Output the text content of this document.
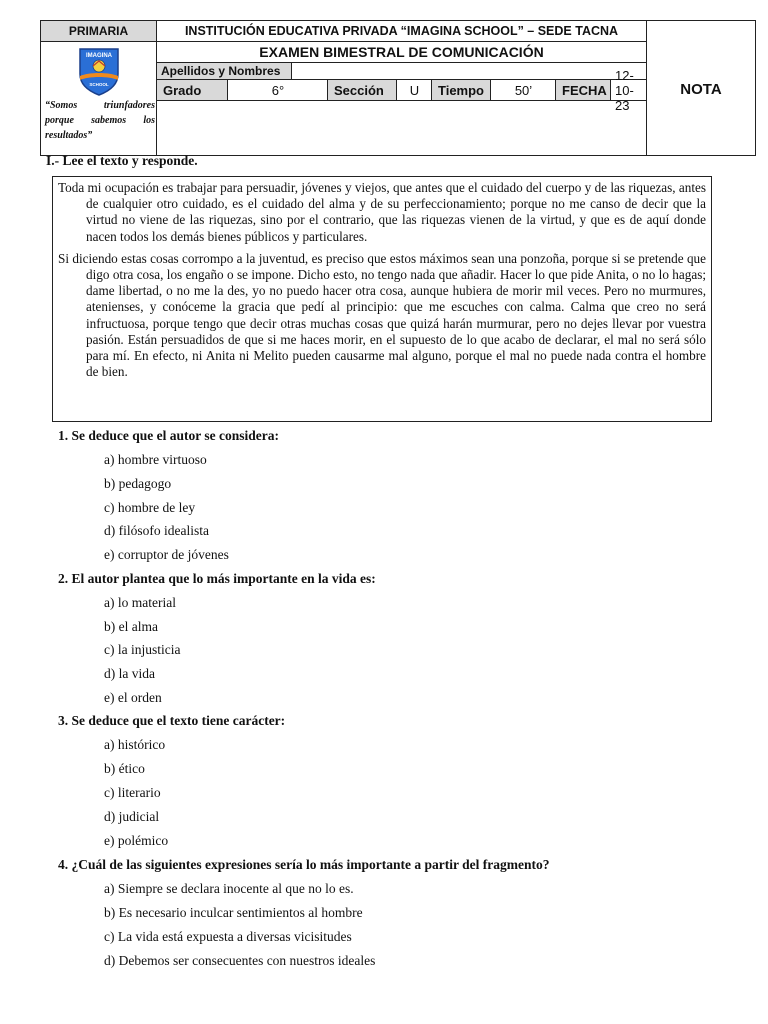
PRIMARIA
IMAGINA
SCHOOL
“Somos triunfadores porque sabemos los resultados”
INSTITUCIÓN EDUCATIVA PRIVADA “IMAGINA SCHOOL” – SEDE TACNA
EXAMEN BIMESTRAL DE COMUNICACIÓN
NOTA
Apellidos y Nombres
Grado	6°	Sección	U	Tiempo	50’	FECHA
12-10-23
I.- Lee el texto y responde.

Toda mi ocupación es trabajar para persuadir, jóvenes y viejos, que antes que el cuidado del cuerpo y de las riquezas, antes de cualquier otro cuidado, es el cuidado del alma y de su perfeccionamiento; porque no me canso de decir que la virtud no viene de las riquezas, sino por el contrario, que las riquezas vienen de la virtud, y que es de aquí donde nacen todos los demás bienes públicos y particulares.

Si diciendo estas cosas corrompo a la juventud, es preciso que estos máximos sean una ponzoña, porque si se pretende que digo otra cosa, los engaño o se impone. Dicho esto, no tengo nada que añadir. Hacer lo que pide Anita, o no lo hagas; dame libertad, o no me la des, yo no puedo hacer otra cosa, aunque hubiera de morir mil veces. Pero no murmures, atenienses, y conóceme la gracia que pedí al principio: que me escuches con calma. Calma que creo no será infructuosa, porque tengo que decir otras muchas cosas que quizá harán murmurar, pero no dejes llevar por vuestra pasión. Están persuadidos de que si me haces morir, en el supuesto de lo que acabo de declarar, el mal no será sólo para mí. En efecto, ni Anita ni Melito pueden causarme mal alguno, porque el mal no puede nada contra el hombre de bien.

1. Se deduce que el autor se considera:
a) hombre virtuoso
b) pedagogo
c) hombre de ley
d) filósofo idealista
e) corruptor de jóvenes
2. El autor plantea que lo más importante en la vida es:
a) lo material
b) el alma
c) la injusticia
d) la vida
e) el orden
3. Se deduce que el texto tiene carácter:
a) histórico
b) ético
c) literario
d) judicial
e) polémico
4. ¿Cuál de las siguientes expresiones sería lo más importante a partir del fragmento?
a) Siempre se declara inocente al que no lo es.
b) Es necesario inculcar sentimientos al hombre
c) La vida está expuesta a diversas vicisitudes
d) Debemos ser consecuentes con nuestros ideales
